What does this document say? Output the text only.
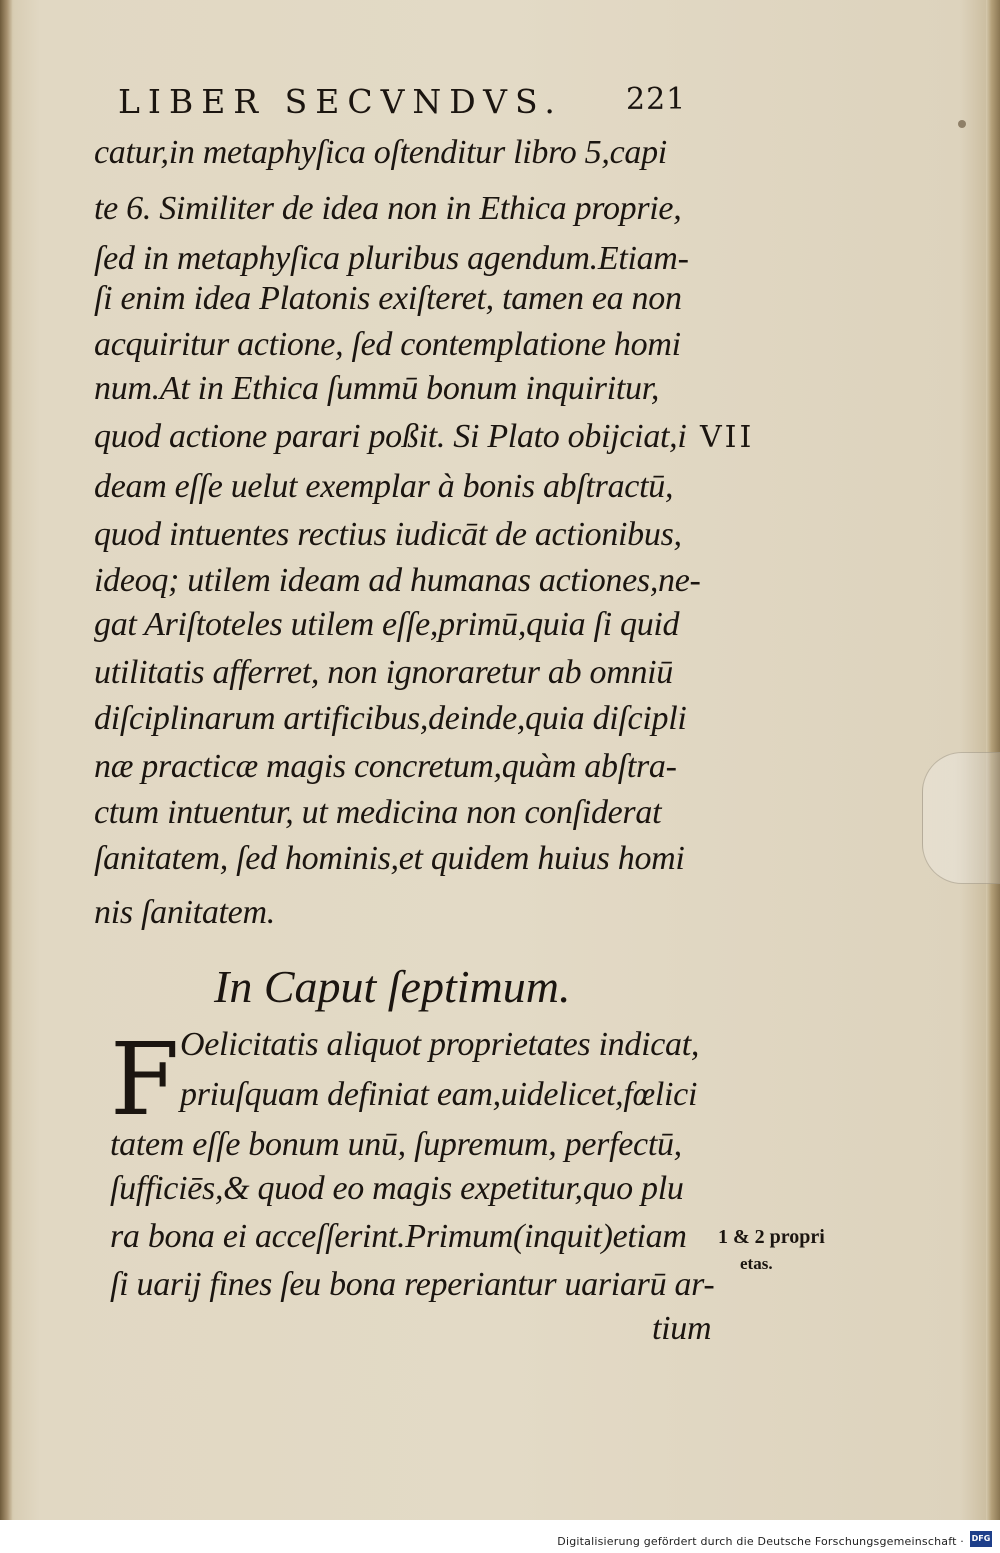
LIBER SECVNDVS. 221
catur,in metaphyſica oſtenditur libro 5,capi
te 6. Similiter de idea non in Ethica proprie,
ſed in metaphyſica pluribus agendum.Etiam-
ſi enim idea Platonis exiſteret, tamen ea non
acquiritur actione, ſed contemplatione homi
num.At in Ethica ſummū bonum inquiritur,
quod actione parari poßit. Si Plato obijciat,i
deam eſſe uelut exemplar à bonis abſtractū,
quod intuentes rectius iudicāt de actionibus,
ideoq; utilem ideam ad humanas actiones,ne-
gat Ariſtoteles utilem eſſe,primū,quia ſi quid
utilitatis afferret, non ignoraretur ab omniū
diſciplinarum artificibus,deinde,quia diſcipli
næ practicæ magis concretum,quàm abſtra-
ctum intuentur, ut medicina non conſiderat
ſanitatem, ſed hominis,et quidem huius homi
nis ſanitatem.
VII
In Caput ſeptimum.
F Oelicitatis aliquot proprietates indicat,
priuſquam definiat eam,uidelicet,fœlici
tatem eſſe bonum unū, ſupremum, perfectū,
ſufficiēs,& quod eo magis expetitur,quo plu
ra bona ei acceſſerint.Primum(inquit)etiam
ſi uarij fines ſeu bona reperiantur uariarū ar-
tium
1 & 2 propri
etas.
Digitalisierung gefördert durch die Deutsche Forschungsgemeinschaft · DFG
